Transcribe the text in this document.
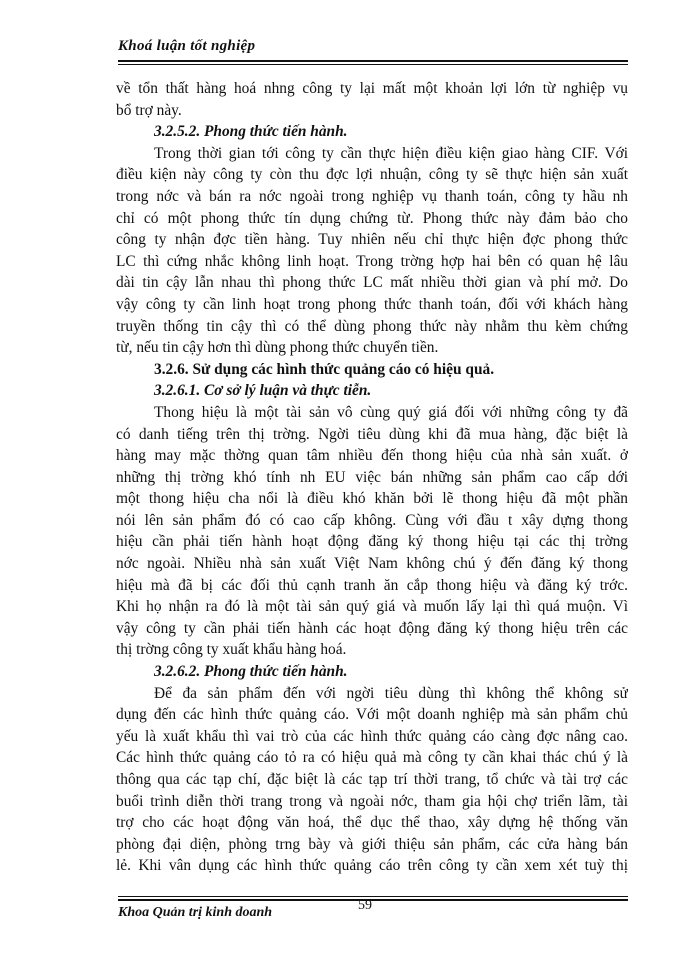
Khoá luận tốt nghiệp
về tổn thất hàng hoá nhng công ty lại mất một khoản lợi lớn từ nghiệp vụ
bổ trợ này.
3.2.5.2. Phong thức tiến hành.
Trong thời gian tới công ty cần thực hiện điều kiện giao hàng CIF. Với
điều kiện này công ty còn thu đợc lợi nhuận, công ty sẽ thực hiện sản xuất
trong nớc và bán ra nớc ngoài trong nghiệp vụ thanh toán, công ty hầu nh
chỉ có một phong thức tín dụng chứng từ. Phong thức này đảm bảo cho
công ty nhận đợc tiền hàng. Tuy nhiên nếu chỉ thực hiện đợc phong thức
LC thì cứng nhắc không linh hoạt. Trong trờng hợp hai bên có quan hệ lâu
dài tin cậy lẫn nhau thì phong thức LC mất nhiều thời gian và phí mở. Do
vậy công ty cần linh hoạt trong phong thức thanh toán, đối với khách hàng
truyền thống tin cậy thì có thể dùng phong thức này nhằm thu kèm chứng
từ, nếu tin cậy hơn thì dùng phong thức chuyển tiền.
3.2.6. Sử dụng các hình thức quảng cáo có hiệu quả.
3.2.6.1. Cơ sở lý luận và thực tiễn.
Thong hiệu là một tài sản vô cùng quý giá đối với những công ty đã
có danh tiếng trên thị trờng. Ngời tiêu dùng khi đã mua hàng, đặc biệt là
hàng may mặc thờng quan tâm nhiều đến thong hiệu của nhà sản xuất. ở
những thị trờng khó tính nh EU việc bán những sản phẩm cao cấp dới
một thong hiệu cha nổi là điều khó khăn bởi lẽ thong hiệu đã một phần
nói lên sản phẩm đó có cao cấp không. Cùng với đầu t xây dựng thong
hiệu cần phải tiến hành hoạt động đăng ký thong hiệu tại các thị trờng
nớc ngoài. Nhiều nhà sản xuất Việt Nam không chú ý đến đăng ký thong
hiệu mà đã bị các đối thủ cạnh tranh ăn cắp thong hiệu và đăng ký trớc.
Khi họ nhận ra đó là một tài sản quý giá và muốn lấy lại thì quá muộn. Vì
vậy công ty cần phải tiến hành các hoạt động đăng ký thong hiệu trên các
thị trờng công ty xuất khẩu hàng hoá.
3.2.6.2. Phong thức tiến hành.
Để đa sản phẩm đến với ngời tiêu dùng thì không thể không sử
dụng đến các hình thức quảng cáo. Với một doanh nghiệp mà sản phẩm chủ
yếu là xuất khẩu thì vai trò của các hình thức quảng cáo càng đợc nâng cao.
Các hình thức quảng cáo tỏ ra có hiệu quả mà công ty cần khai thác chú ý là
thông qua các tạp chí, đặc biệt là các tạp trí thời trang, tổ chức và tài trợ các
buổi trình diễn thời trang trong và ngoài nớc, tham gia hội chợ triển lãm, tài
trợ cho các hoạt động văn hoá, thể dục thể thao, xây dựng hệ thống văn
phòng đại diện, phòng trng bày và giới thiệu sản phẩm, các cửa hàng bán
lẻ. Khi vân dụng các hình thức quảng cáo trên công ty cần xem xét tuỳ thị
Khoa Quản trị kinh doanh	59
